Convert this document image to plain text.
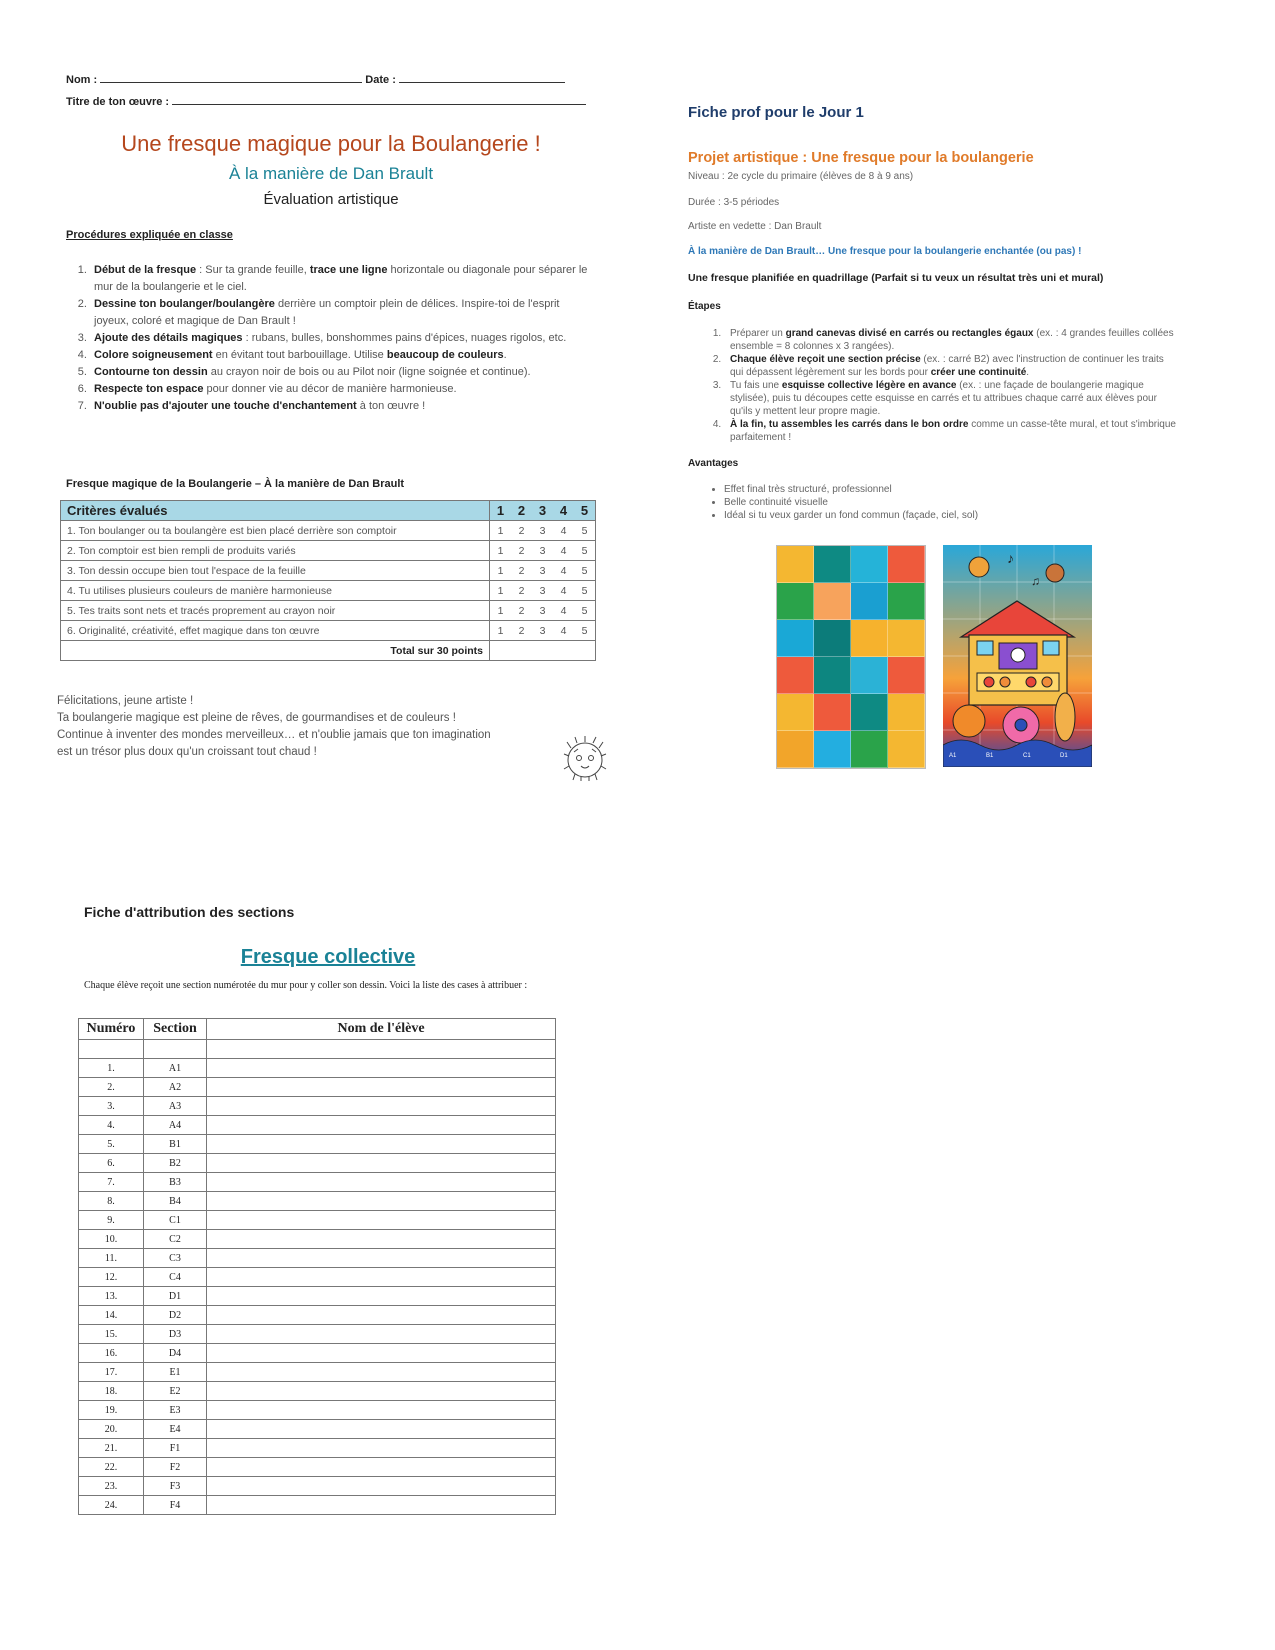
Nom :	Date :
Titre de ton œuvre :
Une fresque magique pour la Boulangerie !
À la manière de Dan Brault
Évaluation artistique
Procédures expliquée en classe
1. Début de la fresque : Sur ta grande feuille, trace une ligne horizontale ou diagonale pour séparer le mur de la boulangerie et le ciel.
2. Dessine ton boulanger/boulangère derrière un comptoir plein de délices. Inspire-toi de l'esprit joyeux, coloré et magique de Dan Brault !
3. Ajoute des détails magiques : rubans, bulles, bonshommes pains d'épices, nuages rigolos, etc.
4. Colore soigneusement en évitant tout barbouillage. Utilise beaucoup de couleurs.
5. Contourne ton dessin au crayon noir de bois ou au Pilot noir (ligne soignée et continue).
6. Respecte ton espace pour donner vie au décor de manière harmonieuse.
7. N'oublie pas d'ajouter une touche d'enchantement à ton œuvre !
Fresque magique de la Boulangerie – À la manière de Dan Brault
Critères évalués	1	2	3	4	5
1. Ton boulanger ou ta boulangère est bien placé derrière son comptoir	1	2	3	4	5
2. Ton comptoir est bien rempli de produits variés	1	2	3	4	5
3. Ton dessin occupe bien tout l'espace de la feuille	1	2	3	4	5
4. Tu utilises plusieurs couleurs de manière harmonieuse	1	2	3	4	5
5. Tes traits sont nets et tracés proprement au crayon noir	1	2	3	4	5
6. Originalité, créativité, effet magique dans ton œuvre	1	2	3	4	5
Total sur 30 points					
Félicitations, jeune artiste !
Ta boulangerie magique est pleine de rêves, de gourmandises et de couleurs !
Continue à inventer des mondes merveilleux… et n'oublie jamais que ton imagination
est un trésor plus doux qu'un croissant tout chaud !
Fiche prof pour le Jour 1
Projet artistique : Une fresque pour la boulangerie
Niveau : 2e cycle du primaire (élèves de 8 à 9 ans)
Durée : 3-5 périodes
Artiste en vedette : Dan Brault
À la manière de Dan Brault… Une fresque pour la boulangerie enchantée (ou pas) !
Une fresque planifiée en quadrillage (Parfait si tu veux un résultat très uni et mural)
Étapes
1. Préparer un grand canevas divisé en carrés ou rectangles égaux (ex. : 4 grandes feuilles collées ensemble = 8 colonnes x 3 rangées).
2. Chaque élève reçoit une section précise (ex. : carré B2) avec l'instruction de continuer les traits qui dépassent légèrement sur les bords pour créer une continuité.
3. Tu fais une esquisse collective légère en avance (ex. : une façade de boulangerie magique stylisée), puis tu découpes cette esquisse en carrés et tu attribues chaque carré aux élèves pour qu'ils y mettent leur propre magie.
4. À la fin, tu assembles les carrés dans le bon ordre comme un casse-tête mural, et tout s'imbrique parfaitement !
Avantages
• Effet final très structuré, professionnel
• Belle continuité visuelle
• Idéal si tu veux garder un fond commun (façade, ciel, sol)
♪
♫
A1	B1	C1	D1
Fiche d'attribution des sections
Fresque collective
Chaque élève reçoit une section numérotée du mur pour y coller son dessin. Voici la liste des cases à attribuer :
Numéro	Section	Nom de l'élève

1.	A1	
2.	A2	
3.	A3	
4.	A4	
5.	B1	
6.	B2	
7.	B3	
8.	B4	
9.	C1	
10.	C2	
11.	C3	
12.	C4	
13.	D1	
14.	D2	
15.	D3	
16.	D4	
17.	E1	
18.	E2	
19.	E3	
20.	E4	
21.	F1	
22.	F2	
23.	F3	
24.	F4	
